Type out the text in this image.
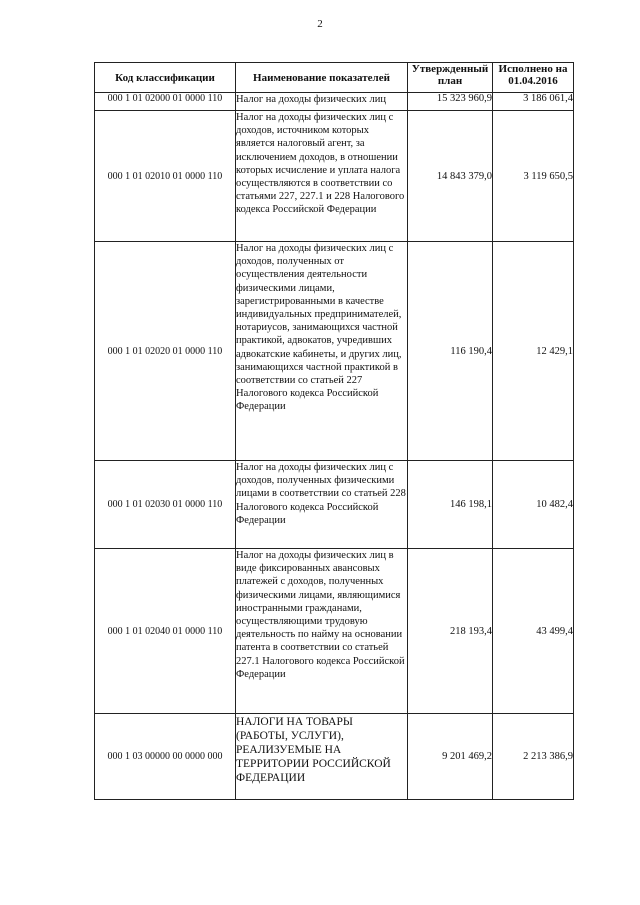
2
Код классификации	Наименование показателей	Утвержденный план	Исполнено на 01.04.2016
000 1 01 02000 01 0000 110	Налог на доходы физических лиц	15 323 960,9	3 186 061,4
000 1 01 02010 01 0000 110	Налог на доходы физических лиц с доходов, источником которых является налоговый агент, за исключением доходов, в отношении которых исчисление и уплата налога осуществляются в соответствии со статьями 227, 227.1 и 228 Налогового кодекса Российской Федерации	14 843 379,0	3 119 650,5
000 1 01 02020 01 0000 110	Налог на доходы физических лиц с доходов, полученных от осуществления деятельности физическими лицами, зарегистрированными в качестве индивидуальных предпринимателей, нотариусов, занимающихся частной практикой, адвокатов, учредивших адвокатские кабинеты, и других лиц, занимающихся частной практикой в соответствии со статьей 227 Налогового кодекса Российской Федерации	116 190,4	12 429,1
000 1 01 02030 01 0000 110	Налог на доходы физических лиц с доходов, полученных физическими лицами в соответствии со статьей 228 Налогового кодекса Российской Федерации	146 198,1	10 482,4
000 1 01 02040 01 0000 110	Налог на доходы физических лиц в виде фиксированных авансовых платежей с доходов, полученных физическими лицами, являющимися иностранными гражданами, осуществляющими трудовую деятельность по найму на основании патента в соответствии со статьей 227.1 Налогового кодекса Российской Федерации	218 193,4	43 499,4
000 1 03 00000 00 0000 000	НАЛОГИ НА ТОВАРЫ (РАБОТЫ, УСЛУГИ), РЕАЛИЗУЕМЫЕ НА ТЕРРИТОРИИ РОССИЙСКОЙ ФЕДЕРАЦИИ	9 201 469,2	2 213 386,9
